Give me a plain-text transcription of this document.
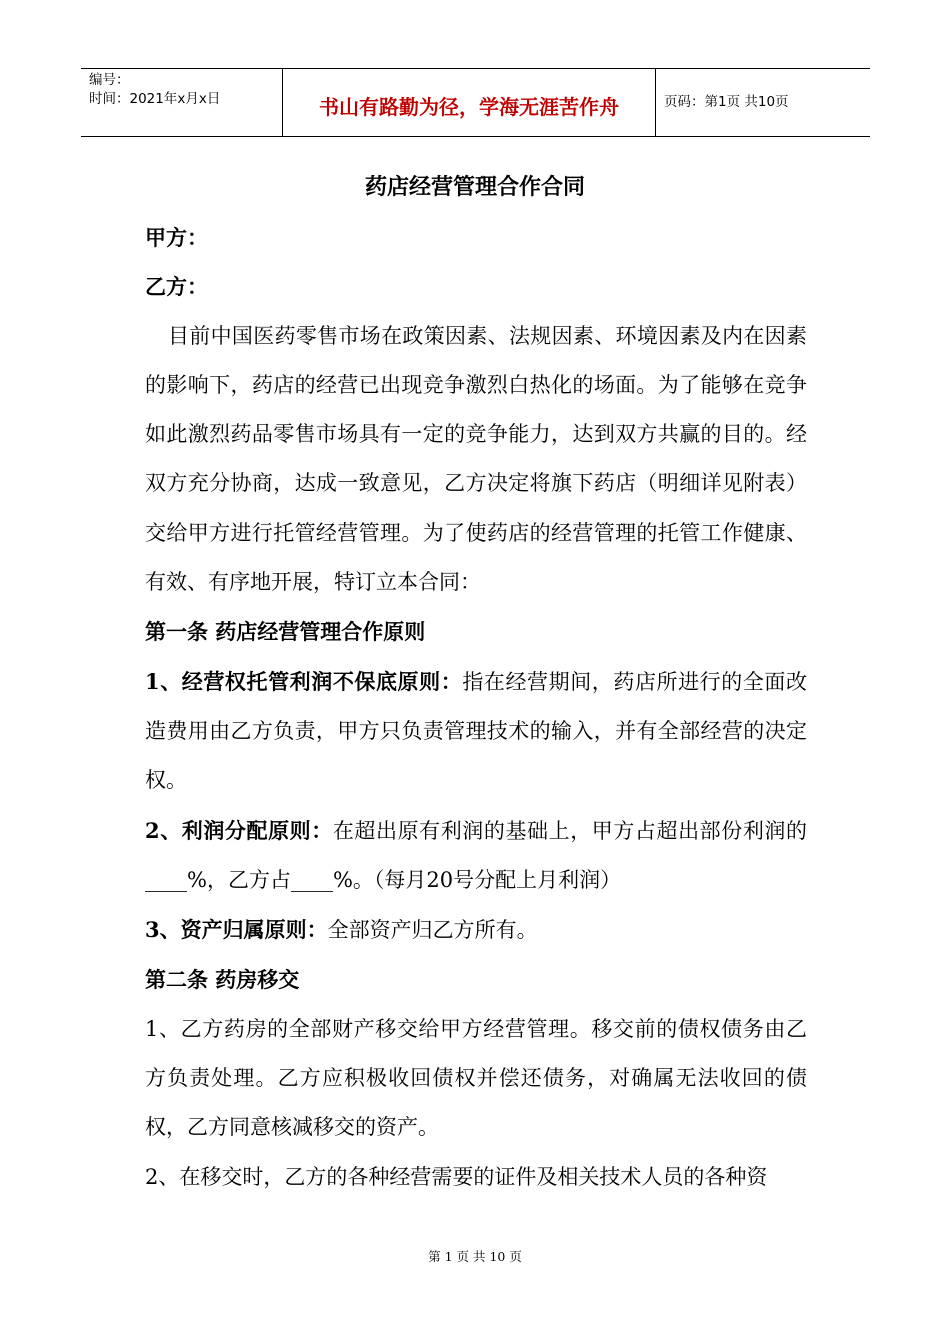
编号：
时间：2021年x月x日	书山有路勤为径，学海无涯苦作舟	页码：第1页 共10页
药店经营管理合作合同

甲方：

乙方：

目前中国医药零售市场在政策因素、法规因素、环境因素及内在因素的影响下，药店的经营已出现竞争激烈白热化的场面。为了能够在竞争如此激烈药品零售市场具有一定的竞争能力，达到双方共赢的目的。经双方充分协商，达成一致意见，乙方决定将旗下药店（明细详见附表）交给甲方进行托管经营管理。为了使药店的经营管理的托管工作健康、有效、有序地开展，特订立本合同：

第一条 药店经营管理合作原则

1、经营权托管利润不保底原则：指在经营期间，药店所进行的全面改造费用由乙方负责，甲方只负责管理技术的输入，并有全部经营的决定权。

2、利润分配原则：在超出原有利润的基础上，甲方占超出部份利润的____%，乙方占____%。（每月20号分配上月利润）

3、资产归属原则：全部资产归乙方所有。

第二条 药房移交

1、乙方药房的全部财产移交给甲方经营管理。移交前的债权债务由乙方负责处理。乙方应积极收回债权并偿还债务，对确属无法收回的债权，乙方同意核减移交的资产。

2、在移交时，乙方的各种经营需要的证件及相关技术人员的各种资

第 1 页 共 10 页
